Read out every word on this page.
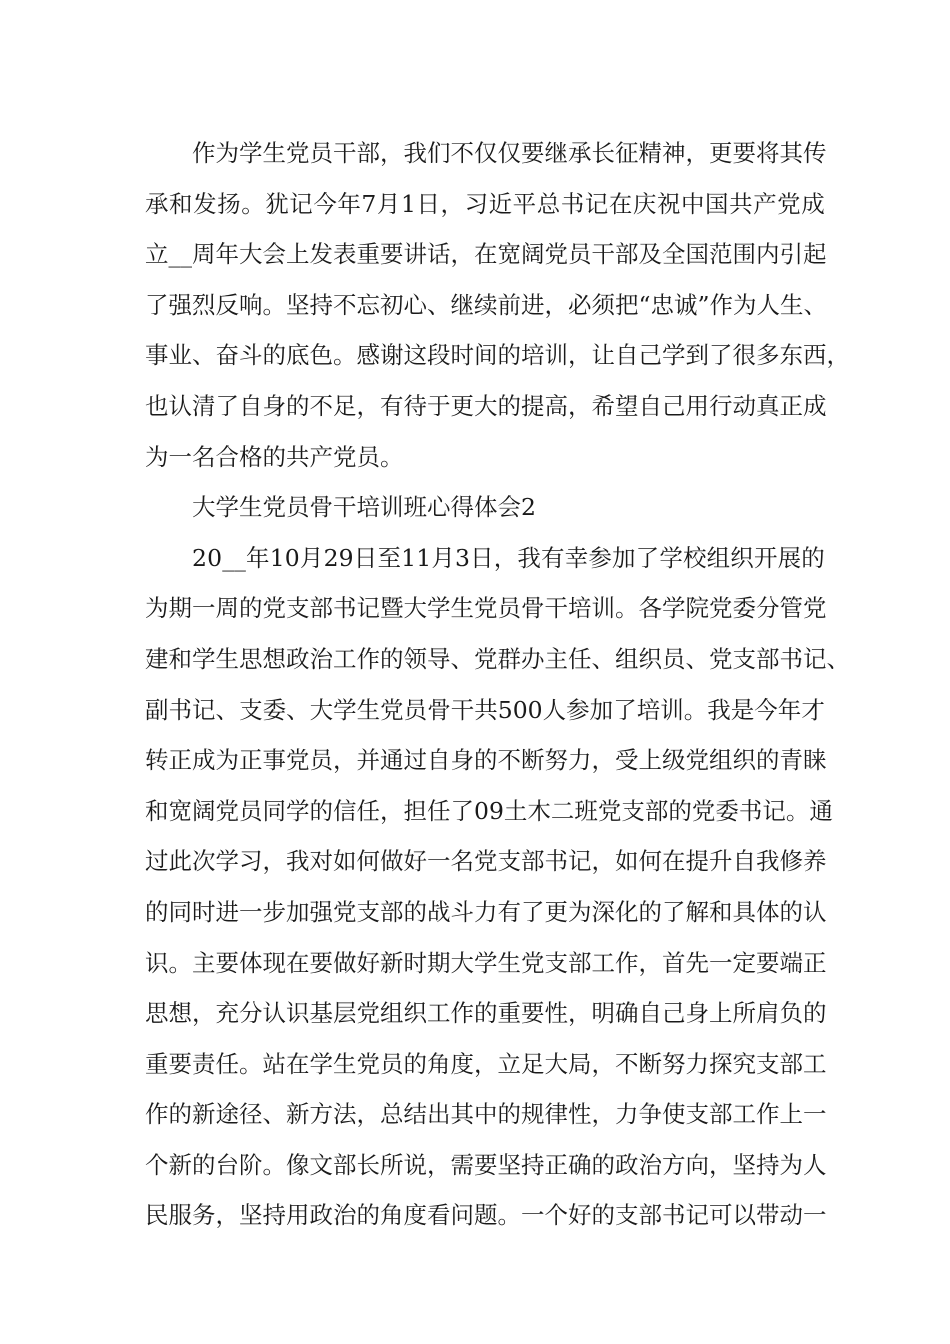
作 为 学 生 党 员 干 部 ， 我 们 不 仅 仅 要 继 承 长 征 精 神 ， 更 要 将 其 传
承 和 发 扬 。 犹 记 今 年 7 月 1 日 ， 习 近 平 总 书 记 在 庆 祝 中 国 共 产 党 成
立 _ _ 周 年 大 会 上 发 表 重 要 讲 话 ， 在 宽 阔 党 员 干 部 及 全 国 范 围 内 引 起
了 强 烈 反 响 。 坚 持 不 忘 初 心 、 继 续 前 进 ， 必 须 把 “ 忠 诚 ” 作 为 人 生 、
事 业 、 奋 斗 的 底 色 。 感 谢 这 段 时 间 的 培 训 ， 让 自 己 学 到 了 很 多 东 西 ，
也 认 清 了 自 身 的 不 足 ， 有 待 于 更 大 的 提 高 ， 希 望 自 己 用 行 动 真 正 成
为一名合格的共产党员。
大学生党员骨干培训班心得体会2
2 0 _ _ 年 1 0 月 2 9 日 至 1 1 月 3 日 ， 我 有 幸 参 加 了 学 校 组 织 开 展 的
为 期 一 周 的 党 支 部 书 记 暨 大 学 生 党 员 骨 干 培 训 。 各 学 院 党 委 分 管 党
建 和 学 生 思 想 政 治 工 作 的 领 导 、 党 群 办 主 任 、 组 织 员 、 党 支 部 书 记 、
副 书 记 、 支 委 、 大 学 生 党 员 骨 干 共 5 0 0 人 参 加 了 培 训 。 我 是 今 年 才
转 正 成 为 正 事 党 员 ， 并 通 过 自 身 的 不 断 努 力 ， 受 上 级 党 组 织 的 青 睐
和 宽 阔 党 员 同 学 的 信 任 ， 担 任 了 0 9 土 木 二 班 党 支 部 的 党 委 书 记 。 通
过 此 次 学 习 ， 我 对 如 何 做 好 一 名 党 支 部 书 记 ， 如 何 在 提 升 自 我 修 养
的 同 时 进 一 步 加 强 党 支 部 的 战 斗 力 有 了 更 为 深 化 的 了 解 和 具 体 的 认
识 。 主 要 体 现 在 要 做 好 新 时 期 大 学 生 党 支 部 工 作 ， 首 先 一 定 要 端 正
思 想 ， 充 分 认 识 基 层 党 组 织 工 作 的 重 要 性 ， 明 确 自 己 身 上 所 肩 负 的
重 要 责 任 。 站 在 学 生 党 员 的 角 度 ， 立 足 大 局 ， 不 断 努 力 探 究 支 部 工
作 的 新 途 径 、 新 方 法 ， 总 结 出 其 中 的 规 律 性 ， 力 争 使 支 部 工 作 上 一
个 新 的 台 阶 。 像 文 部 长 所 说 ， 需 要 坚 持 正 确 的 政 治 方 向 ， 坚 持 为 人
民 服 务 ， 坚 持 用 政 治 的 角 度 看 问 题 。 一 个 好 的 支 部 书 记 可 以 带 动 一
